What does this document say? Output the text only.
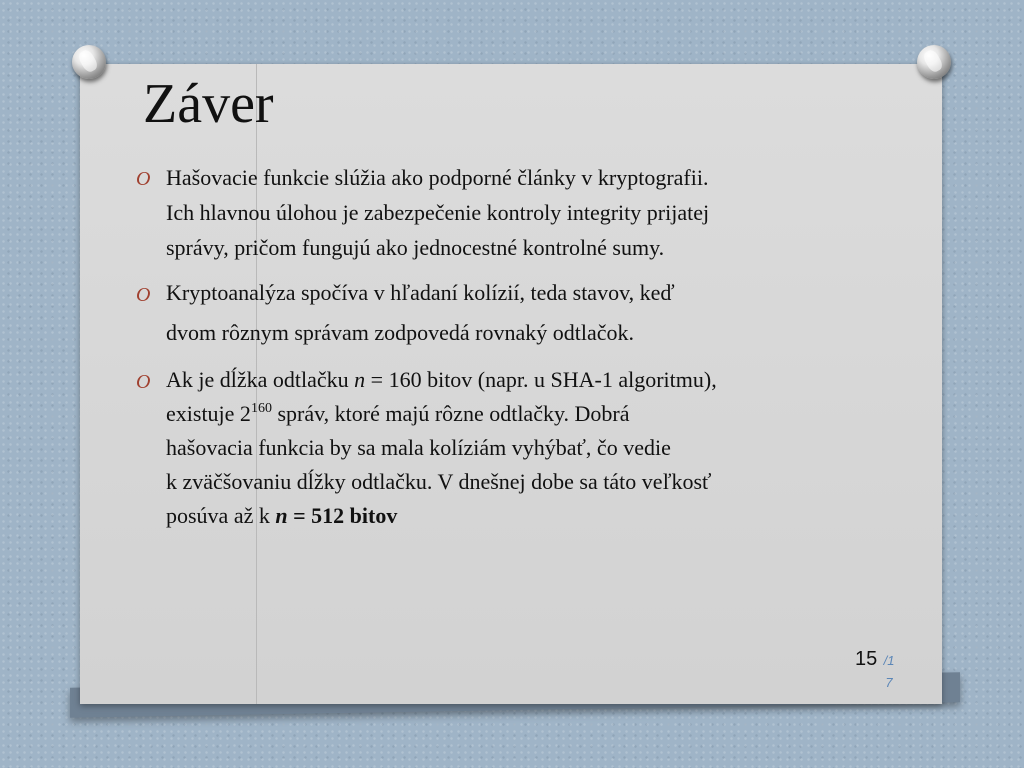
Záver
O Hašovacie funkcie slúžia ako podporné články v kryptografii.
Ich hlavnou úlohou je zabezpečenie kontroly integrity prijatej
správy, pričom fungujú ako jednocestné kontrolné sumy.
O Kryptoanalýza spočíva v hľadaní kolízií, teda stavov, keď
dvom rôznym správam zodpovedá rovnaký odtlačok.
O Ak je dĺžka odtlačku n = 160 bitov (napr. u SHA-1 algoritmu),
existuje $2^{160}$ správ, ktoré majú rôzne odtlačky. Dobrá
hašovacia funkcia by sa mala kolíziám vyhýbať, čo vedie
k zväčšovaniu dĺžky odtlačku. V dnešnej dobe sa táto veľkosť
posúva až k n = 512 bitov
15 /1
7
